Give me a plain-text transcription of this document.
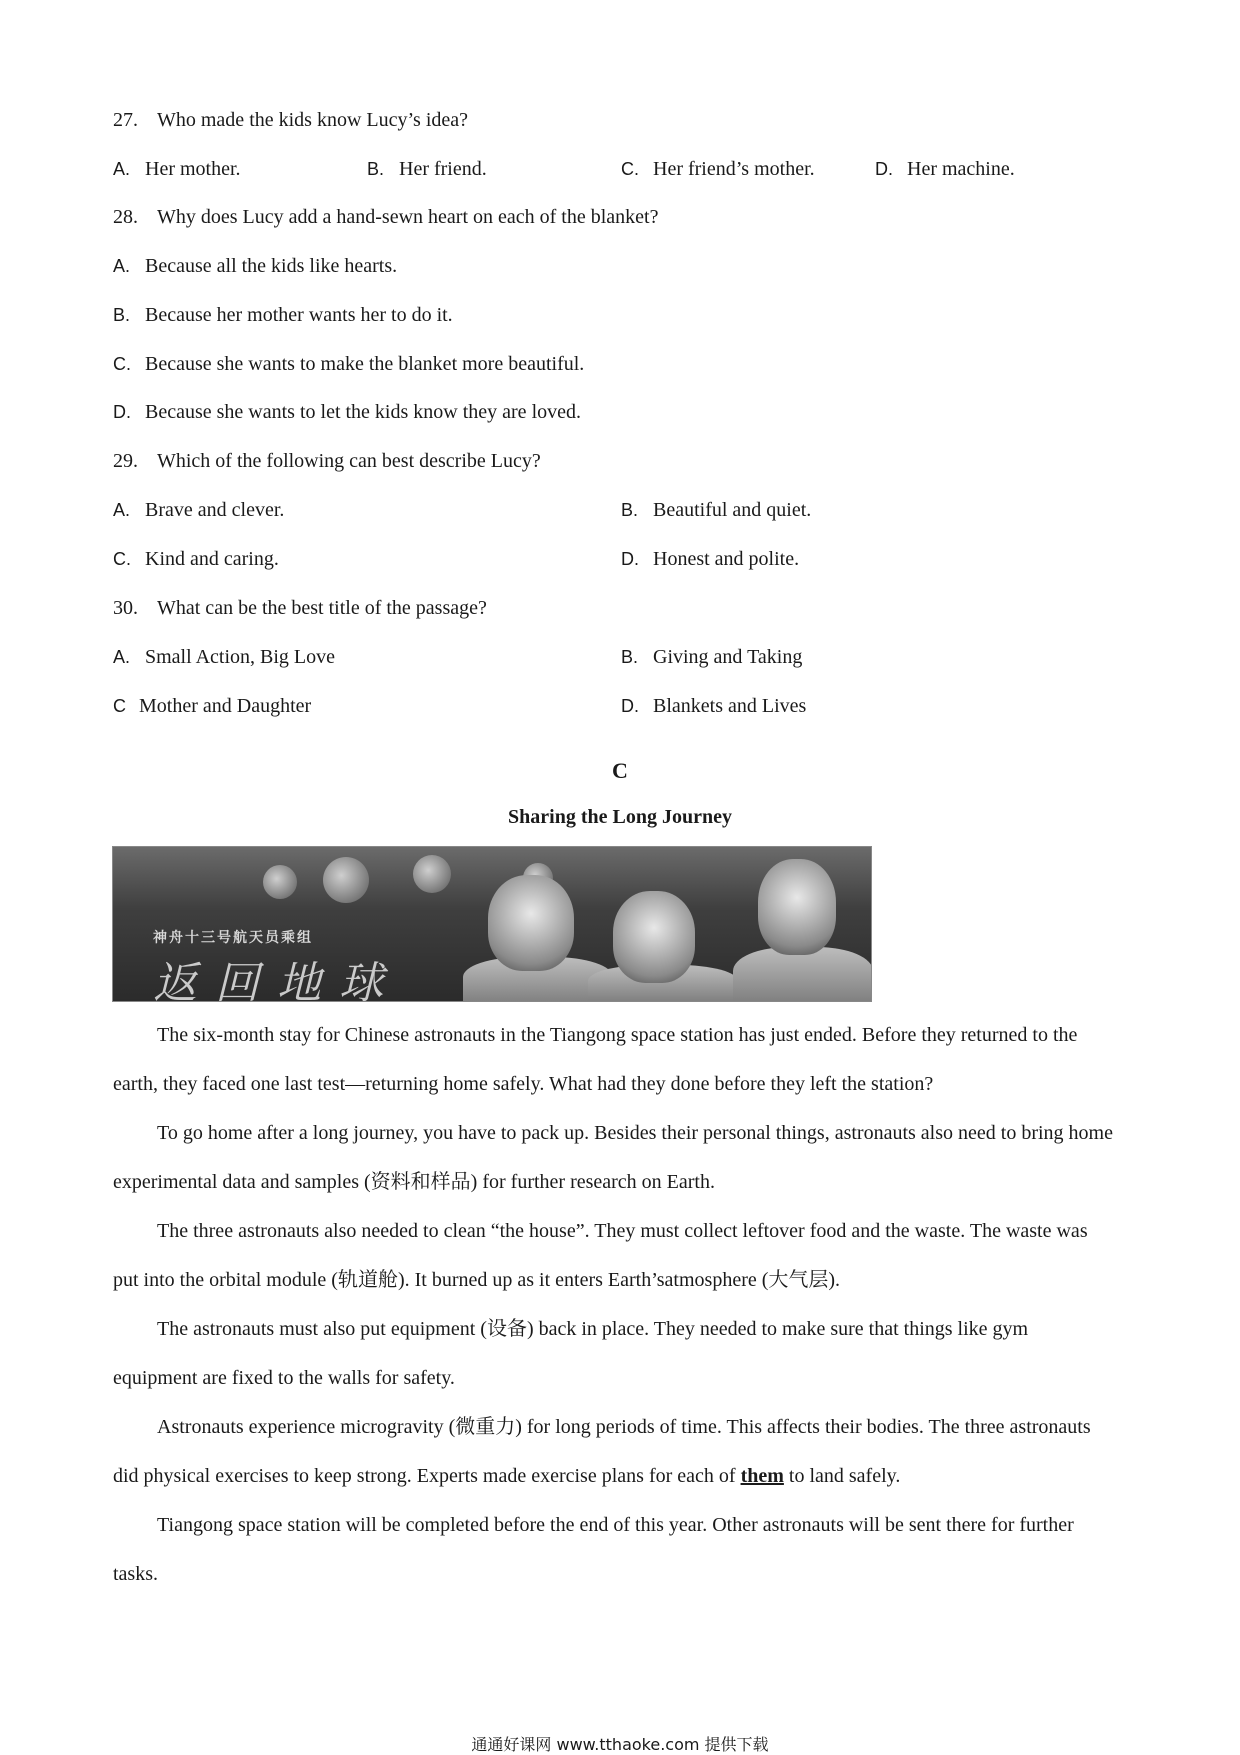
27. Who made the kids know Lucy’s idea?
A. Her mother.	B. Her friend.	C. Her friend’s mother.	D. Her machine.
28. Why does Lucy add a hand-sewn heart on each of the blanket?
A. Because all the kids like hearts.
B. Because her mother wants her to do it.
C. Because she wants to make the blanket more beautiful.
D. Because she wants to let the kids know they are loved.
29. Which of the following can best describe Lucy?
A. Brave and clever.	B. Beautiful and quiet.
C. Kind and caring.	D. Honest and polite.
30. What can be the best title of the passage?
A. Small Action, Big Love	B. Giving and Taking
C Mother and Daughter	D. Blankets and Lives
C
Sharing the Long Journey
神舟十三号航天员乘组
返回地球

The six-month stay for Chinese astronauts in the Tiangong space station has just ended. Before they returned to the earth, they faced one last test—returning home safely. What had they done before they left the station?

To go home after a long journey, you have to pack up. Besides their personal things, astronauts also need to bring home experimental data and samples (资料和样品) for further research on Earth.

The three astronauts also needed to clean “the house”. They must collect leftover food and the waste. The waste was put into the orbital module (轨道舱). It burned up as it enters Earth’satmosphere (大气层).

The astronauts must also put equipment (设备) back in place. They needed to make sure that things like gym equipment are fixed to the walls for safety.

Astronauts experience microgravity (微重力) for long periods of time. This affects their bodies. The three astronauts did physical exercises to keep strong. Experts made exercise plans for each of them to land safely.

Tiangong space station will be completed before the end of this year. Other astronauts will be sent there for further tasks.

通通好课网 www.tthaoke.com 提供下载
